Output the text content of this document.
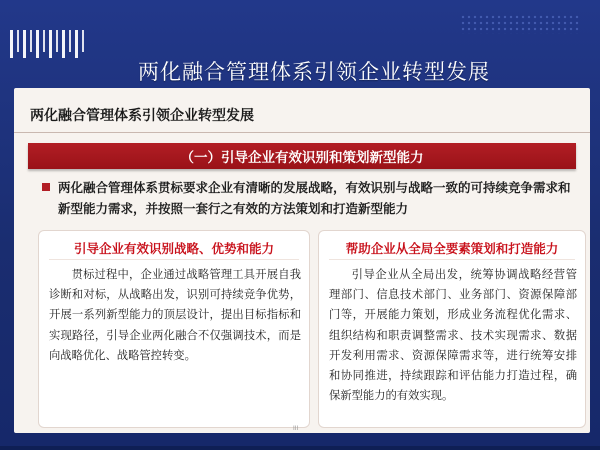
两化融合管理体系引领企业转型发展
两化融合管理体系引领企业转型发展
（一）引导企业有效识别和策划新型能力
两化融合管理体系贯标要求企业有清晰的发展战略，有效识别与战略一致的可持续竞争需求和新型能力需求，并按照一套行之有效的方法策划和打造新型能力
引导企业有效识别战略、优势和能力
贯标过程中，企业通过战略管理工具开展自我诊断和对标，从战略出发，识别可持续竞争优势，开展一系列新型能力的顶层设计，提出目标指标和实现路径，引导企业两化融合不仅强调技术，而是向战略优化、战略管控转变。
帮助企业从全局全要素策划和打造能力
引导企业从全局出发，统筹协调战略经营管理部门、信息技术部门、业务部门、资源保障部门等，开展能力策划，形成业务流程优化需求、组织结构和职责调整需求、技术实现需求、数据开发利用需求、资源保障需求等，进行统筹安排和协同推进，持续跟踪和评估能力打造过程，确保新型能力的有效实现。
III
